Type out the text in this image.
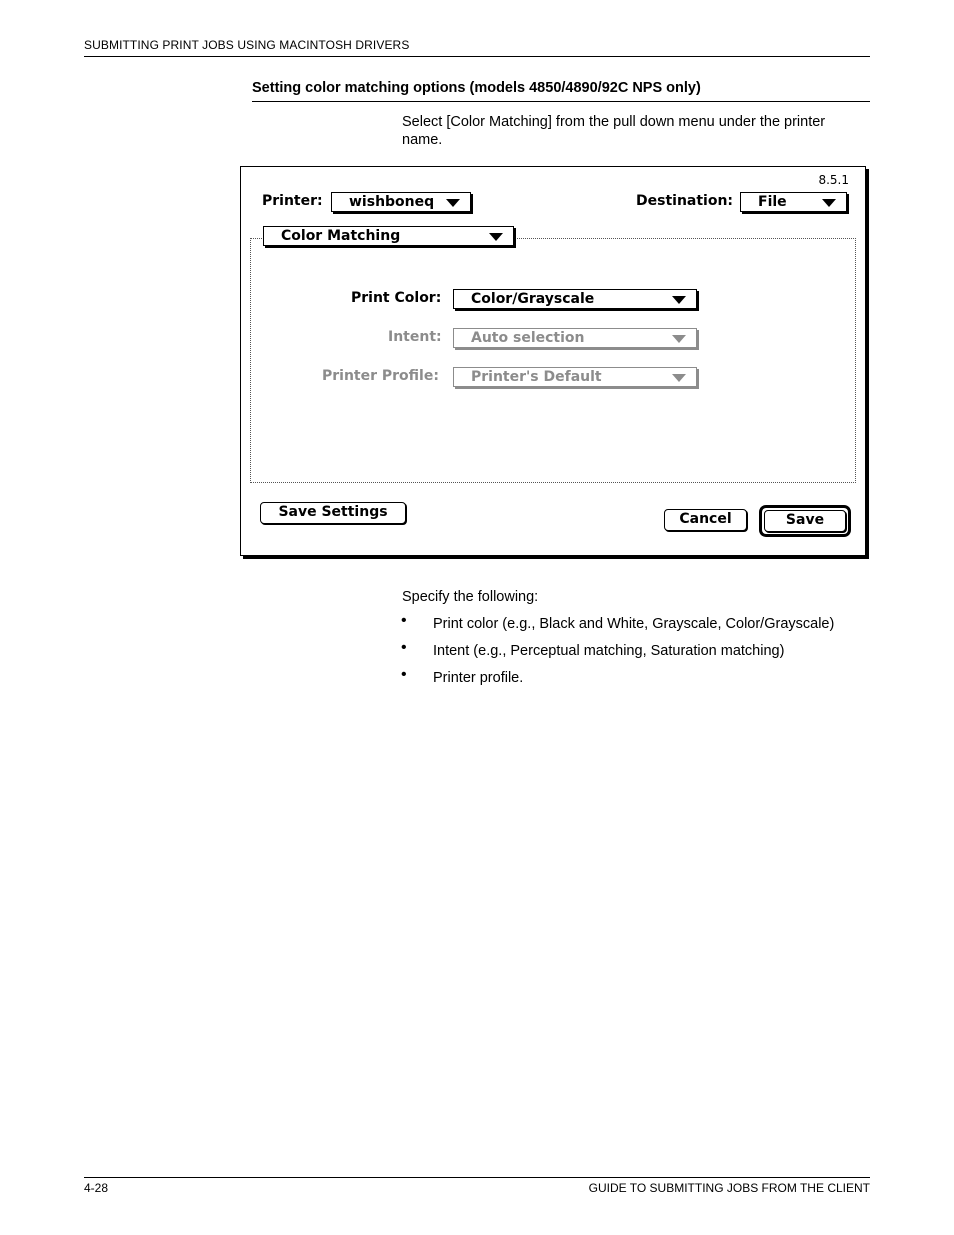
SUBMITTING PRINT JOBS USING MACINTOSH DRIVERS
Setting color matching options (models 4850/4890/92C NPS only)
Select [Color Matching] from the pull down menu under the printer
name.
8.5.1
Printer: wishboneq	Destination: File
Color Matching
Print Color: Color/Grayscale
Intent: Auto selection
Printer Profile: Printer's Default
Save Settings	Cancel	Save
Specify the following:
• Print color (e.g., Black and White, Grayscale, Color/Grayscale)
• Intent (e.g., Perceptual matching, Saturation matching)
• Printer profile.
4-28	GUIDE TO SUBMITTING JOBS FROM THE CLIENT
